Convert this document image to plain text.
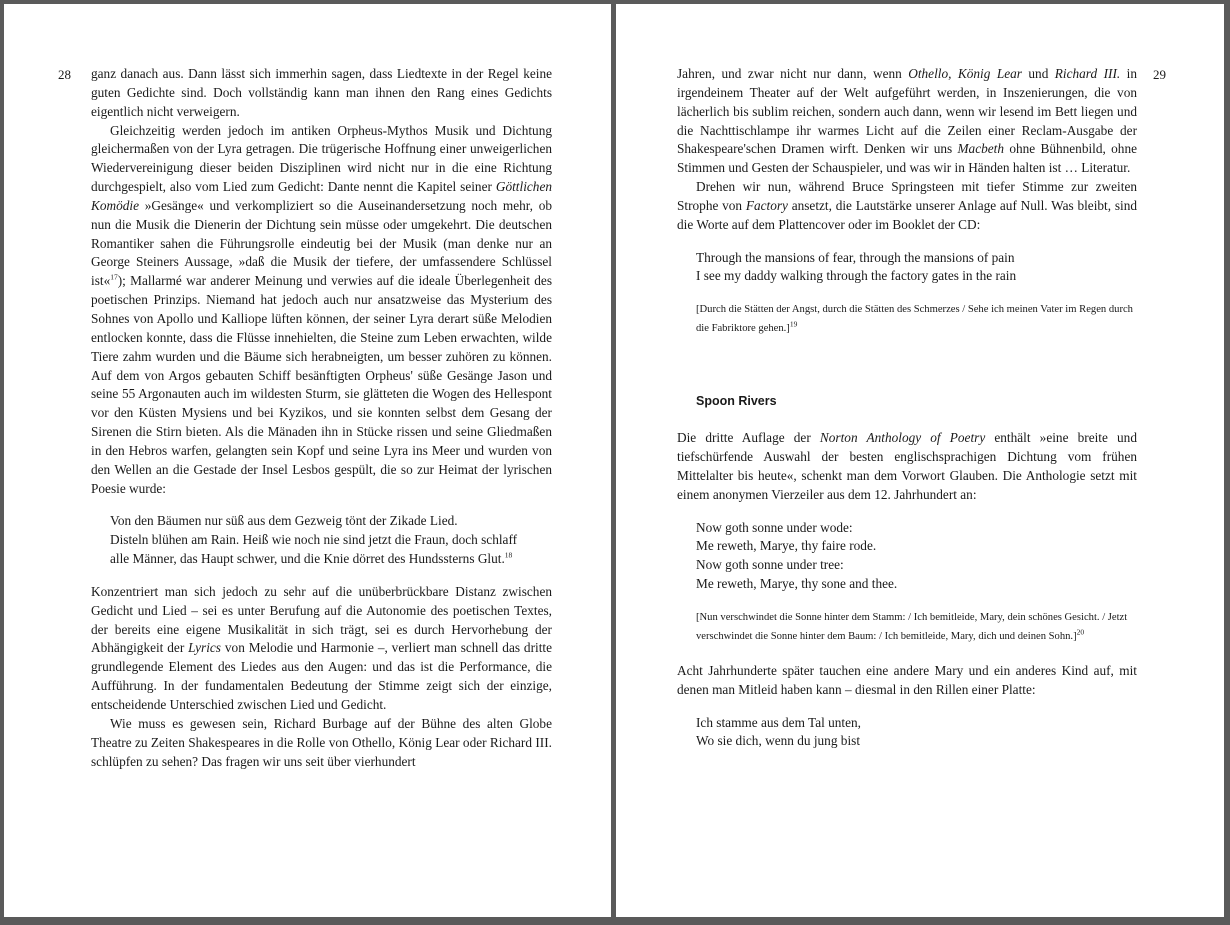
28 ganz danach aus. Dann lässt sich immerhin sagen, dass Liedtexte in der Regel keine guten Gedichte sind. Doch vollständig kann man ihnen den Rang eines Gedichts eigentlich nicht verweigern.

Gleichzeitig werden jedoch im antiken Orpheus-Mythos Musik und Dichtung gleichermaßen von der Lyra getragen. Die trügerische Hoffnung einer unweigerlichen Wiedervereinigung dieser beiden Disziplinen wird nicht nur in die eine Richtung durchgespielt, also vom Lied zum Gedicht: Dante nennt die Kapitel seiner Göttlichen Komödie »Gesänge« und verkompliziert so die Auseinandersetzung noch mehr, ob nun die Musik die Dienerin der Dichtung sein müsse oder umgekehrt. Die deutschen Romantiker sahen die Führungsrolle eindeutig bei der Musik (man denke nur an George Steiners Aussage, »daß die Musik der tiefere, der umfassendere Schlüssel ist«$^{17}$); Mallarmé war anderer Meinung und verwies auf die ideale Überlegenheit des poetischen Prinzips. Niemand hat jedoch auch nur ansatzweise das Mysterium des Sohnes von Apollo und Kalliope lüften können, der seiner Lyra derart süße Melodien entlocken konnte, dass die Flüsse innehielten, die Steine zum Leben erwachten, wilde Tiere zahm wurden und die Bäume sich herabneigten, um besser zuhören zu können. Auf dem von Argos gebauten Schiff besänftigten Orpheus' süße Gesänge Jason und seine 55 Argonauten auch im wildesten Sturm, sie glätteten die Wogen des Hellespont vor den Küsten Mysiens und bei Kyzikos, und sie konnten selbst dem Gesang der Sirenen die Stirn bieten. Als die Mänaden ihn in Stücke rissen und seine Gliedmaßen in den Hebros warfen, gelangten sein Kopf und seine Lyra ins Meer und wurden von den Wellen an die Gestade der Insel Lesbos gespült, die so zur Heimat der lyrischen Poesie wurde:

Von den Bäumen nur süß aus dem Gezweig tönt der Zikade Lied.
Disteln blühen am Rain. Heiß wie noch nie sind jetzt die Fraun, doch schlaff
alle Männer, das Haupt schwer, und die Knie dörret des Hundssterns Glut.$^{18}$

Konzentriert man sich jedoch zu sehr auf die unüberbrückbare Distanz zwischen Gedicht und Lied – sei es unter Berufung auf die Autonomie des poetischen Textes, der bereits eine eigene Musikalität in sich trägt, sei es durch Hervorhebung der Abhängigkeit der Lyrics von Melodie und Harmonie –, verliert man schnell das dritte grundlegende Element des Liedes aus den Augen: und das ist die Performance, die Aufführung. In der fundamentalen Bedeutung der Stimme zeigt sich der einzige, entscheidende Unterschied zwischen Lied und Gedicht.

Wie muss es gewesen sein, Richard Burbage auf der Bühne des alten Globe Theatre zu Zeiten Shakespeares in die Rolle von Othello, König Lear oder Richard III. schlüpfen zu sehen? Das fragen wir uns seit über vierhundert

29

Jahren, und zwar nicht nur dann, wenn Othello, König Lear und Richard III. in irgendeinem Theater auf der Welt aufgeführt werden, in Inszenierungen, die von lächerlich bis sublim reichen, sondern auch dann, wenn wir lesend im Bett liegen und die Nachttischlampe ihr warmes Licht auf die Zeilen einer Reclam-Ausgabe der Shakespeare'schen Dramen wirft. Denken wir uns Macbeth ohne Bühnenbild, ohne Stimmen und Gesten der Schauspieler, und was wir in Händen halten ist … Literatur.

Drehen wir nun, während Bruce Springsteen mit tiefer Stimme zur zweiten Strophe von Factory ansetzt, die Lautstärke unserer Anlage auf Null. Was bleibt, sind die Worte auf dem Plattencover oder im Booklet der CD:

Through the mansions of fear, through the mansions of pain
I see my daddy walking through the factory gates in the rain
[Durch die Stätten der Angst, durch die Stätten des Schmerzes / Sehe ich meinen Vater im Regen durch die Fabriktore gehen.]$^{19}$
Spoon Rivers

Die dritte Auflage der Norton Anthology of Poetry enthält »eine breite und tiefschürfende Auswahl der besten englischsprachigen Dichtung vom frühen Mittelalter bis heute«, schenkt man dem Vorwort Glauben. Die Anthologie setzt mit einem anonymen Vierzeiler aus dem 12. Jahrhundert an:

Now goth sonne under wode:
Me reweth, Marye, thy faire rode.
Now goth sonne under tree:
Me reweth, Marye, thy sone and thee.
[Nun verschwindet die Sonne hinter dem Stamm: / Ich bemitleide, Mary, dein schönes Gesicht. / Jetzt verschwindet die Sonne hinter dem Baum: / Ich bemitleide, Mary, dich und deinen Sohn.]$^{20}$

Acht Jahrhunderte später tauchen eine andere Mary und ein anderes Kind auf, mit denen man Mitleid haben kann – diesmal in den Rillen einer Platte:

Ich stamme aus dem Tal unten,
Wo sie dich, wenn du jung bist
